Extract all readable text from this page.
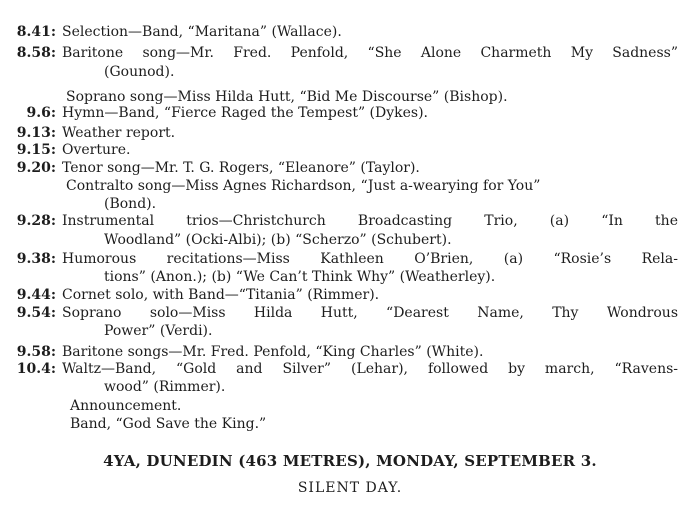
8.41: Selection—Band, “Maritana” (Wallace).
8.58: Baritone song—Mr. Fred. Penfold, “She Alone Charmeth My Sadness”
(Gounod).
Soprano song—Miss Hilda Hutt, “Bid Me Discourse” (Bishop).
9.6: Hymn—Band, “Fierce Raged the Tempest” (Dykes).
9.13: Weather report.
9.15: Overture.
9.20: Tenor song—Mr. T. G. Rogers, “Eleanore” (Taylor).
Contralto song—Miss Agnes Richardson, “Just a-wearying for You”
(Bond).
9.28: Instrumental trios—Christchurch Broadcasting Trio, (a) “In the
Woodland” (Ocki-Albi); (b) “Scherzo” (Schubert).
9.38: Humorous recitations—Miss Kathleen O’Brien, (a) “Rosie’s Rela-
tions” (Anon.); (b) “We Can’t Think Why” (Weatherley).
9.44: Cornet solo, with Band—“Titania” (Rimmer).
9.54: Soprano solo—Miss Hilda Hutt, “Dearest Name, Thy Wondrous
Power” (Verdi).
9.58: Baritone songs—Mr. Fred. Penfold, “King Charles” (White).
10.4: Waltz—Band, “Gold and Silver” (Lehar), followed by march, “Ravens-
wood” (Rimmer).
Announcement.
Band, “God Save the King.”
4YA, DUNEDIN (463 METRES), MONDAY, SEPTEMBER 3.
SILENT DAY.
